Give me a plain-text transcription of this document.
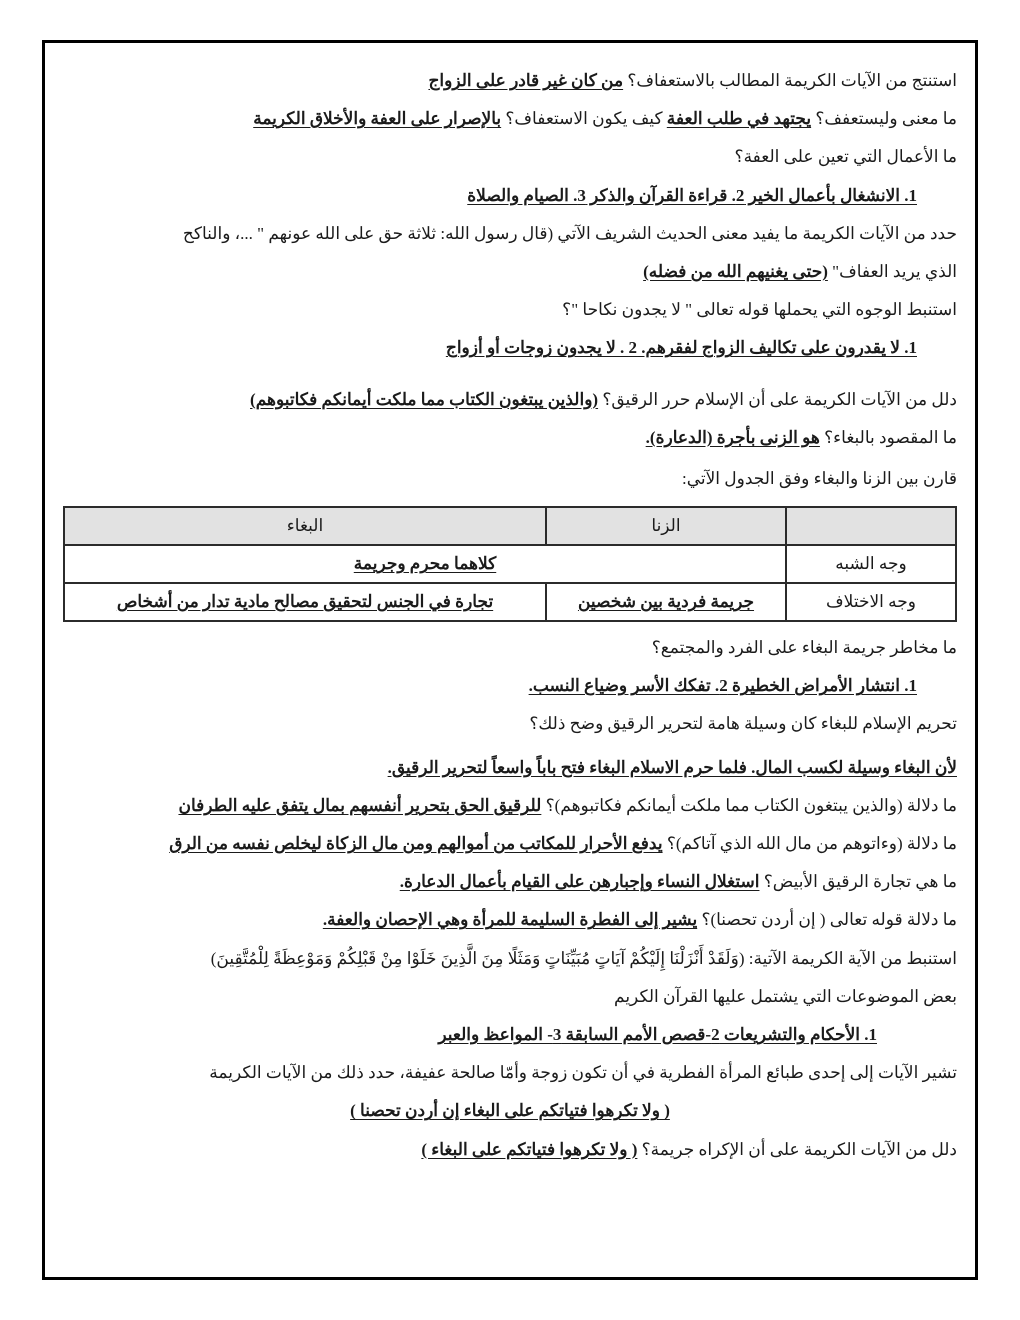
استنتج من الآيات الكريمة المطالب بالاستعفاف؟ من كان غير قادر على الزواج

ما معنى وليستعفف؟ يجتهد في طلب العفة كيف يكون الاستعفاف؟ بالإصرار على العفة والأخلاق الكريمة

ما الأعمال التي تعين على العفة؟

1. الانشغال بأعمال الخير 2. قراءة القرآن والذكر 3. الصيام والصلاة

حدد من الآيات الكريمة ما يفيد معنى الحديث الشريف الآتي (قال رسول الله: ثلاثة حق على الله عونهم " ...، والناكح

الذي يريد العفاف" (حتى يغنيهم الله من فضله)

استنبط الوجوه التي يحملها قوله تعالى " لا يجدون نكاحا "؟

1. لا يقدرون على تكاليف الزواج لفقرهم. 2 . لا يجدون زوجات أو أزواج

دلل من الآيات الكريمة على أن الإسلام حرر الرقيق؟ (والذين يبتغون الكتاب مما ملكت أيمانكم فكاتبوهم)

ما المقصود بالبغاء؟ هو الزنى بأجرة (الدعارة).

قارن بين الزنا والبغاء وفق الجدول الآتي:

	الزنا	البغاء
وجه الشبه	كلاهما محرم وجريمة	
وجه الاختلاف	جريمة فردية بين شخصين	تجارة في الجنس لتحقيق مصالح مادية تدار من أشخاص

ما مخاطر جريمة البغاء على الفرد والمجتمع؟

1. انتشار الأمراض الخطيرة 2. تفكك الأسر وضياع النسب.

تحريم الإسلام للبغاء كان وسيلة هامة لتحرير الرقيق وضح ذلك؟

لأن البغاء وسيلة لكسب المال. فلما حرم الاسلام البغاء فتح باباً واسعاً لتحرير الرقيق.

ما دلالة (والذين يبتغون الكتاب مما ملكت أيمانكم فكاتبوهم)؟ للرقيق الحق بتحرير أنفسهم بمال يتفق عليه الطرفان

ما دلالة (وءاتوهم من مال الله الذي آتاكم)؟ يدفع الأحرار للمكاتب من أموالهم ومن مال الزكاة ليخلص نفسه من الرق

ما هي تجارة الرقيق الأبيض؟ استغلال النساء وإجبارهن على القيام بأعمال الدعارة.

ما دلالة قوله تعالى ( إن أردن تحصنا)؟ يشير إلى الفطرة السليمة للمرأة وهي الإحصان والعفة.

استنبط من الآية الكريمة الآتية: (وَلَقَدْ أَنْزَلْنَا إِلَيْكُمْ آيَاتٍ مُبَيِّنَاتٍ وَمَثَلًا مِنَ الَّذِينَ خَلَوْا مِنْ قَبْلِكُمْ وَمَوْعِظَةً لِلْمُتَّقِينَ)

بعض الموضوعات التي يشتمل عليها القرآن الكريم

1. الأحكام والتشريعات 2-قصص الأمم السابقة 3- المواعظ والعبر

تشير الآيات إلى إحدى طبائع المرأة الفطرية في أن تكون زوجة وأمّا صالحة عفيفة، حدد ذلك من الآيات الكريمة

( ولا تكرهوا فتياتكم على البغاء إن أردن تحصنا )

دلل من الآيات الكريمة على أن الإكراه جريمة؟ ( ولا تكرهوا فتياتكم على البغاء )
